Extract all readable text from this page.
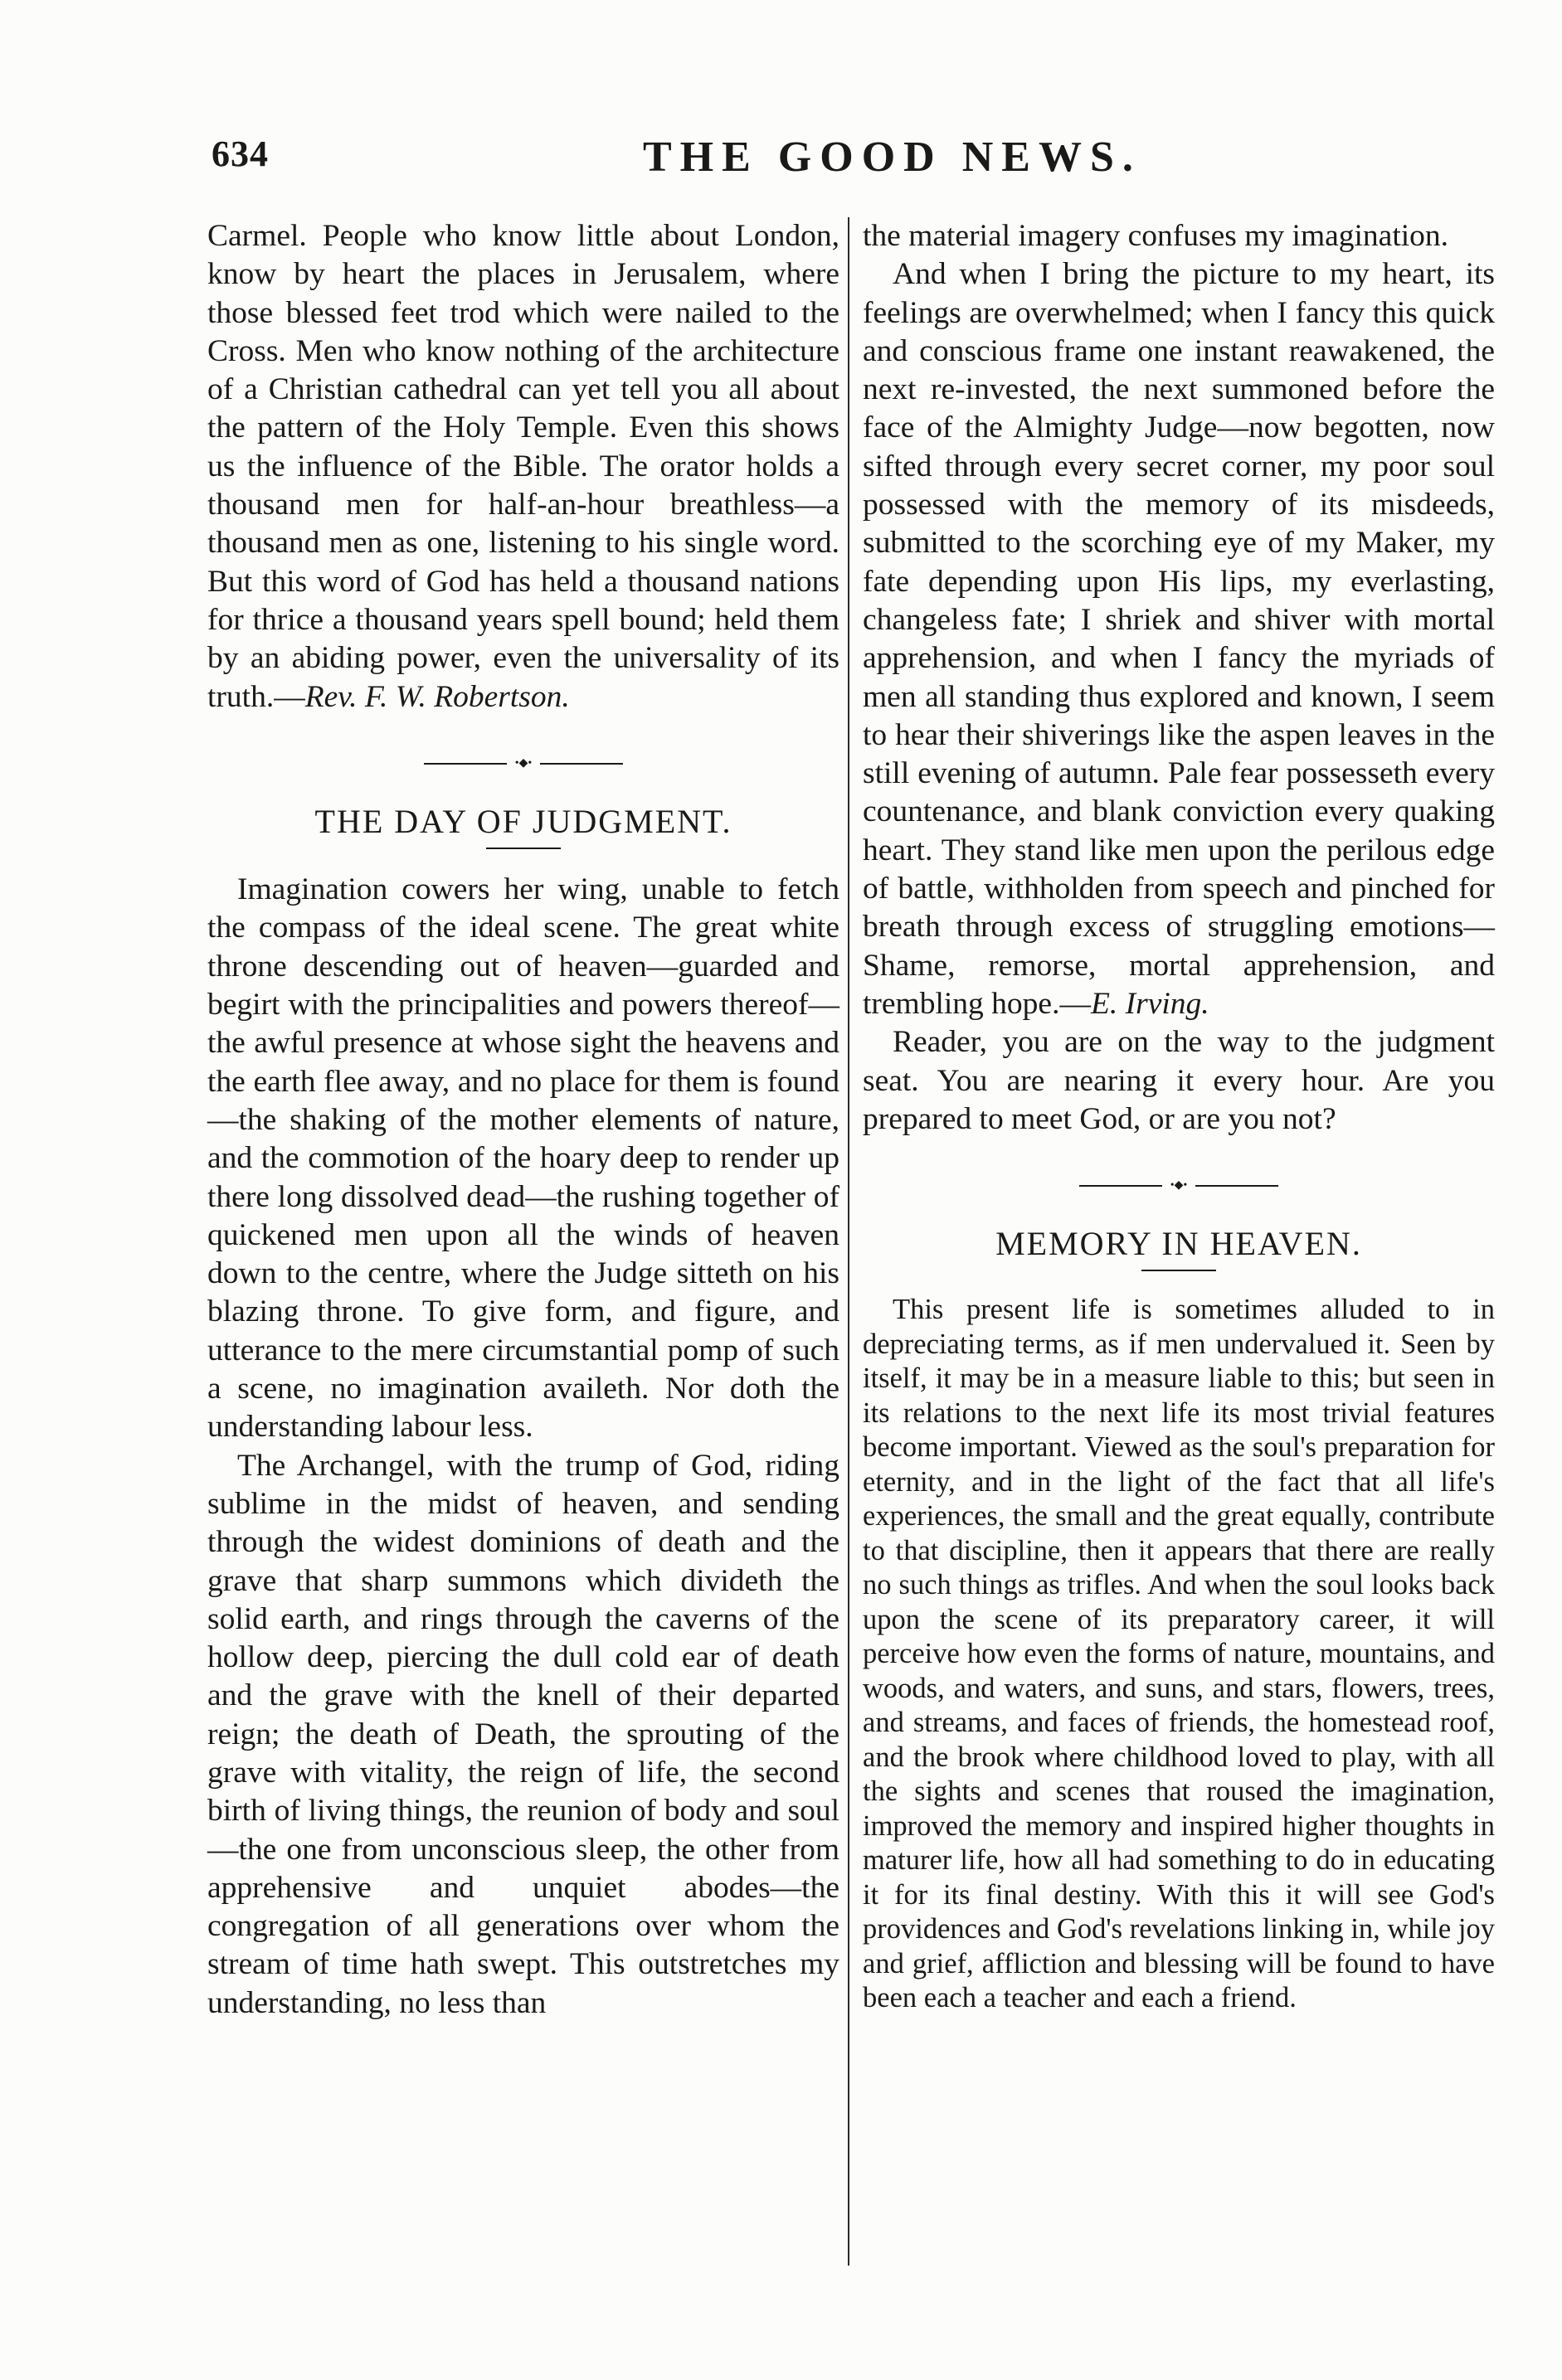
634	THE GOOD NEWS.

Carmel. People who know little about London, know by heart the places in Jerusalem, where those blessed feet trod which were nailed to the Cross. Men who know nothing of the architecture of a Christian cathedral can yet tell you all about the pattern of the Holy Temple. Even this shows us the influence of the Bible. The orator holds a thousand men for half-an-hour breathless—a thousand men as one, listening to his single word. But this word of God has held a thousand nations for thrice a thousand years spell bound; held them by an abiding power, even the universality of its truth.—Rev. F. W. Robertson.

•◆•
THE DAY OF JUDGMENT.

Imagination cowers her wing, unable to fetch the compass of the ideal scene. The great white throne descending out of heaven—guarded and begirt with the principalities and powers thereof—the awful presence at whose sight the heavens and the earth flee away, and no place for them is found—the shaking of the mother elements of nature, and the commotion of the hoary deep to render up there long dissolved dead—the rushing together of quickened men upon all the winds of heaven down to the centre, where the Judge sitteth on his blazing throne. To give form, and figure, and utterance to the mere circumstantial pomp of such a scene, no imagination availeth. Nor doth the understanding labour less.

The Archangel, with the trump of God, riding sublime in the midst of heaven, and sending through the widest dominions of death and the grave that sharp summons which divideth the solid earth, and rings through the caverns of the hollow deep, piercing the dull cold ear of death and the grave with the knell of their departed reign; the death of Death, the sprouting of the grave with vitality, the reign of life, the second birth of living things, the reunion of body and soul—the one from unconscious sleep, the other from apprehensive and unquiet abodes—the congregation of all generations over whom the stream of time hath swept. This outstretches my understanding, no less than

the material imagery confuses my imagination.

And when I bring the picture to my heart, its feelings are overwhelmed; when I fancy this quick and conscious frame one instant reawakened, the next re-invested, the next summoned before the face of the Almighty Judge—now begotten, now sifted through every secret corner, my poor soul possessed with the memory of its misdeeds, submitted to the scorching eye of my Maker, my fate depending upon His lips, my everlasting, changeless fate; I shriek and shiver with mortal apprehension, and when I fancy the myriads of men all standing thus explored and known, I seem to hear their shiverings like the aspen leaves in the still evening of autumn. Pale fear possesseth every countenance, and blank conviction every quaking heart. They stand like men upon the perilous edge of battle, withholden from speech and pinched for breath through excess of struggling emotions—Shame, remorse, mortal apprehension, and trembling hope.—E. Irving.

Reader, you are on the way to the judgment seat. You are nearing it every hour. Are you prepared to meet God, or are you not?

•◆•
MEMORY IN HEAVEN.

This present life is sometimes alluded to in depreciating terms, as if men undervalued it. Seen by itself, it may be in a measure liable to this; but seen in its relations to the next life its most trivial features become important. Viewed as the soul's preparation for eternity, and in the light of the fact that all life's experiences, the small and the great equally, contribute to that discipline, then it appears that there are really no such things as trifles. And when the soul looks back upon the scene of its preparatory career, it will perceive how even the forms of nature, mountains, and woods, and waters, and suns, and stars, flowers, trees, and streams, and faces of friends, the homestead roof, and the brook where childhood loved to play, with all the sights and scenes that roused the imagination, improved the memory and inspired higher thoughts in maturer life, how all had something to do in educating it for its final destiny. With this it will see God's providences and God's revelations linking in, while joy and grief, affliction and blessing will be found to have been each a teacher and each a friend.
